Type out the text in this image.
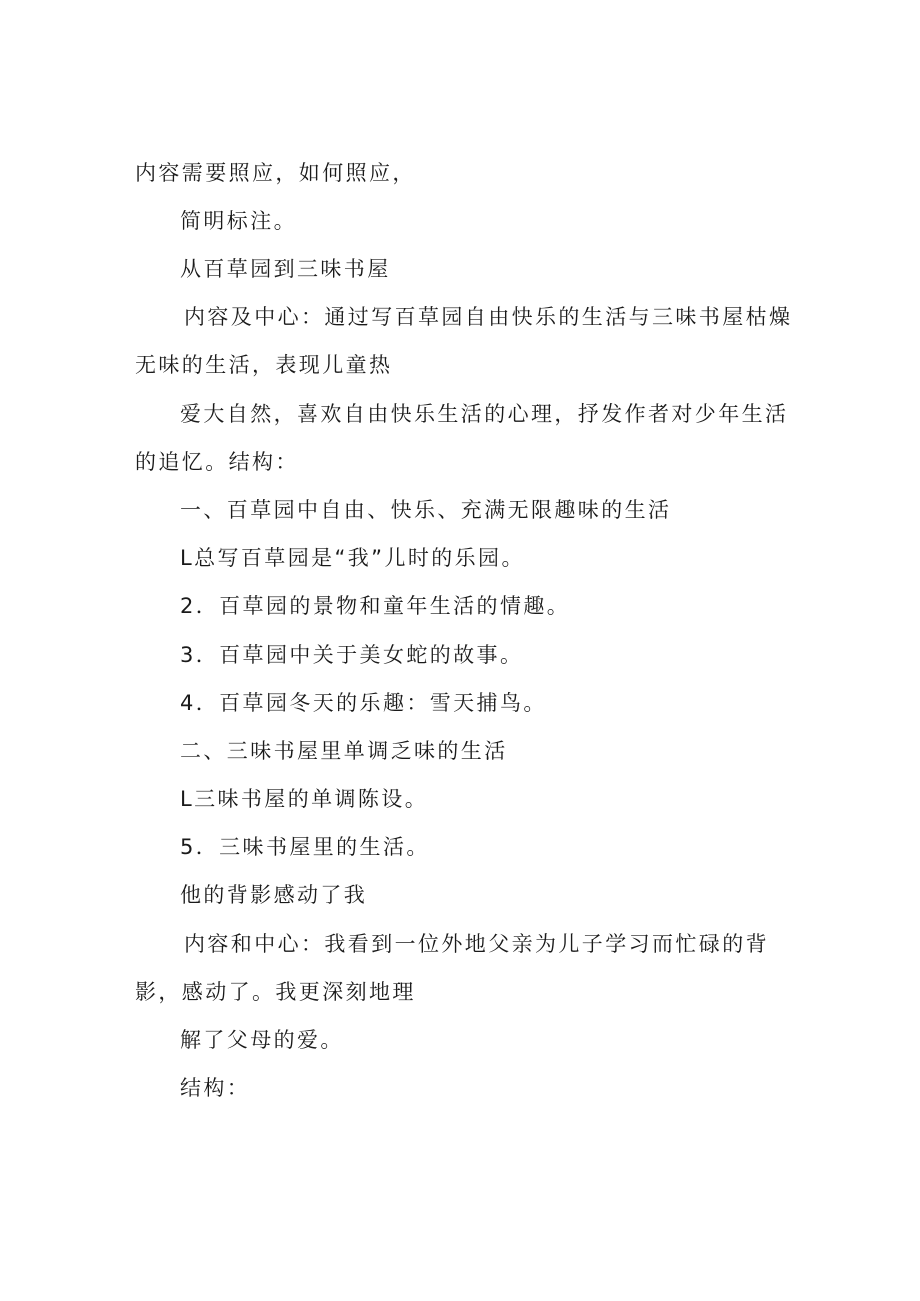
内容需要照应，如何照应，
简明标注。
从百草园到三味书屋
内容及中心：通过写百草园自由快乐的生活与三味书屋枯燥
无味的生活，表现儿童热
爱大自然，喜欢自由快乐生活的心理，抒发作者对少年生活
的追忆。结构：
一、百草园中自由、快乐、充满无限趣味的生活
L总写百草园是“我”儿时的乐园。
2．百草园的景物和童年生活的情趣。
3．百草园中关于美女蛇的故事。
4．百草园冬天的乐趣：雪天捕鸟。
二、三味书屋里单调乏味的生活
L三味书屋的单调陈设。
5．三味书屋里的生活。
他的背影感动了我
内容和中心：我看到一位外地父亲为儿子学习而忙碌的背
影，感动了。我更深刻地理
解了父母的爱。
结构：
